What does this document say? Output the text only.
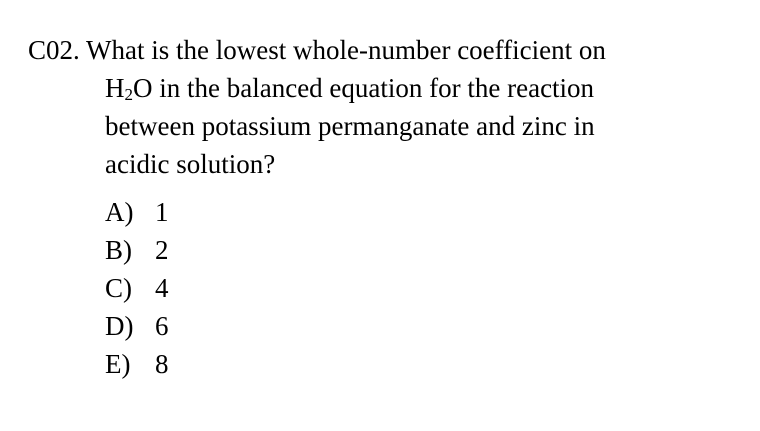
C02. What is the lowest whole-number coefficient on
H2O in the balanced equation for the reaction
between potassium permanganate and zinc in
acidic solution?
A) 1
B) 2
C) 4
D) 6
E) 8
